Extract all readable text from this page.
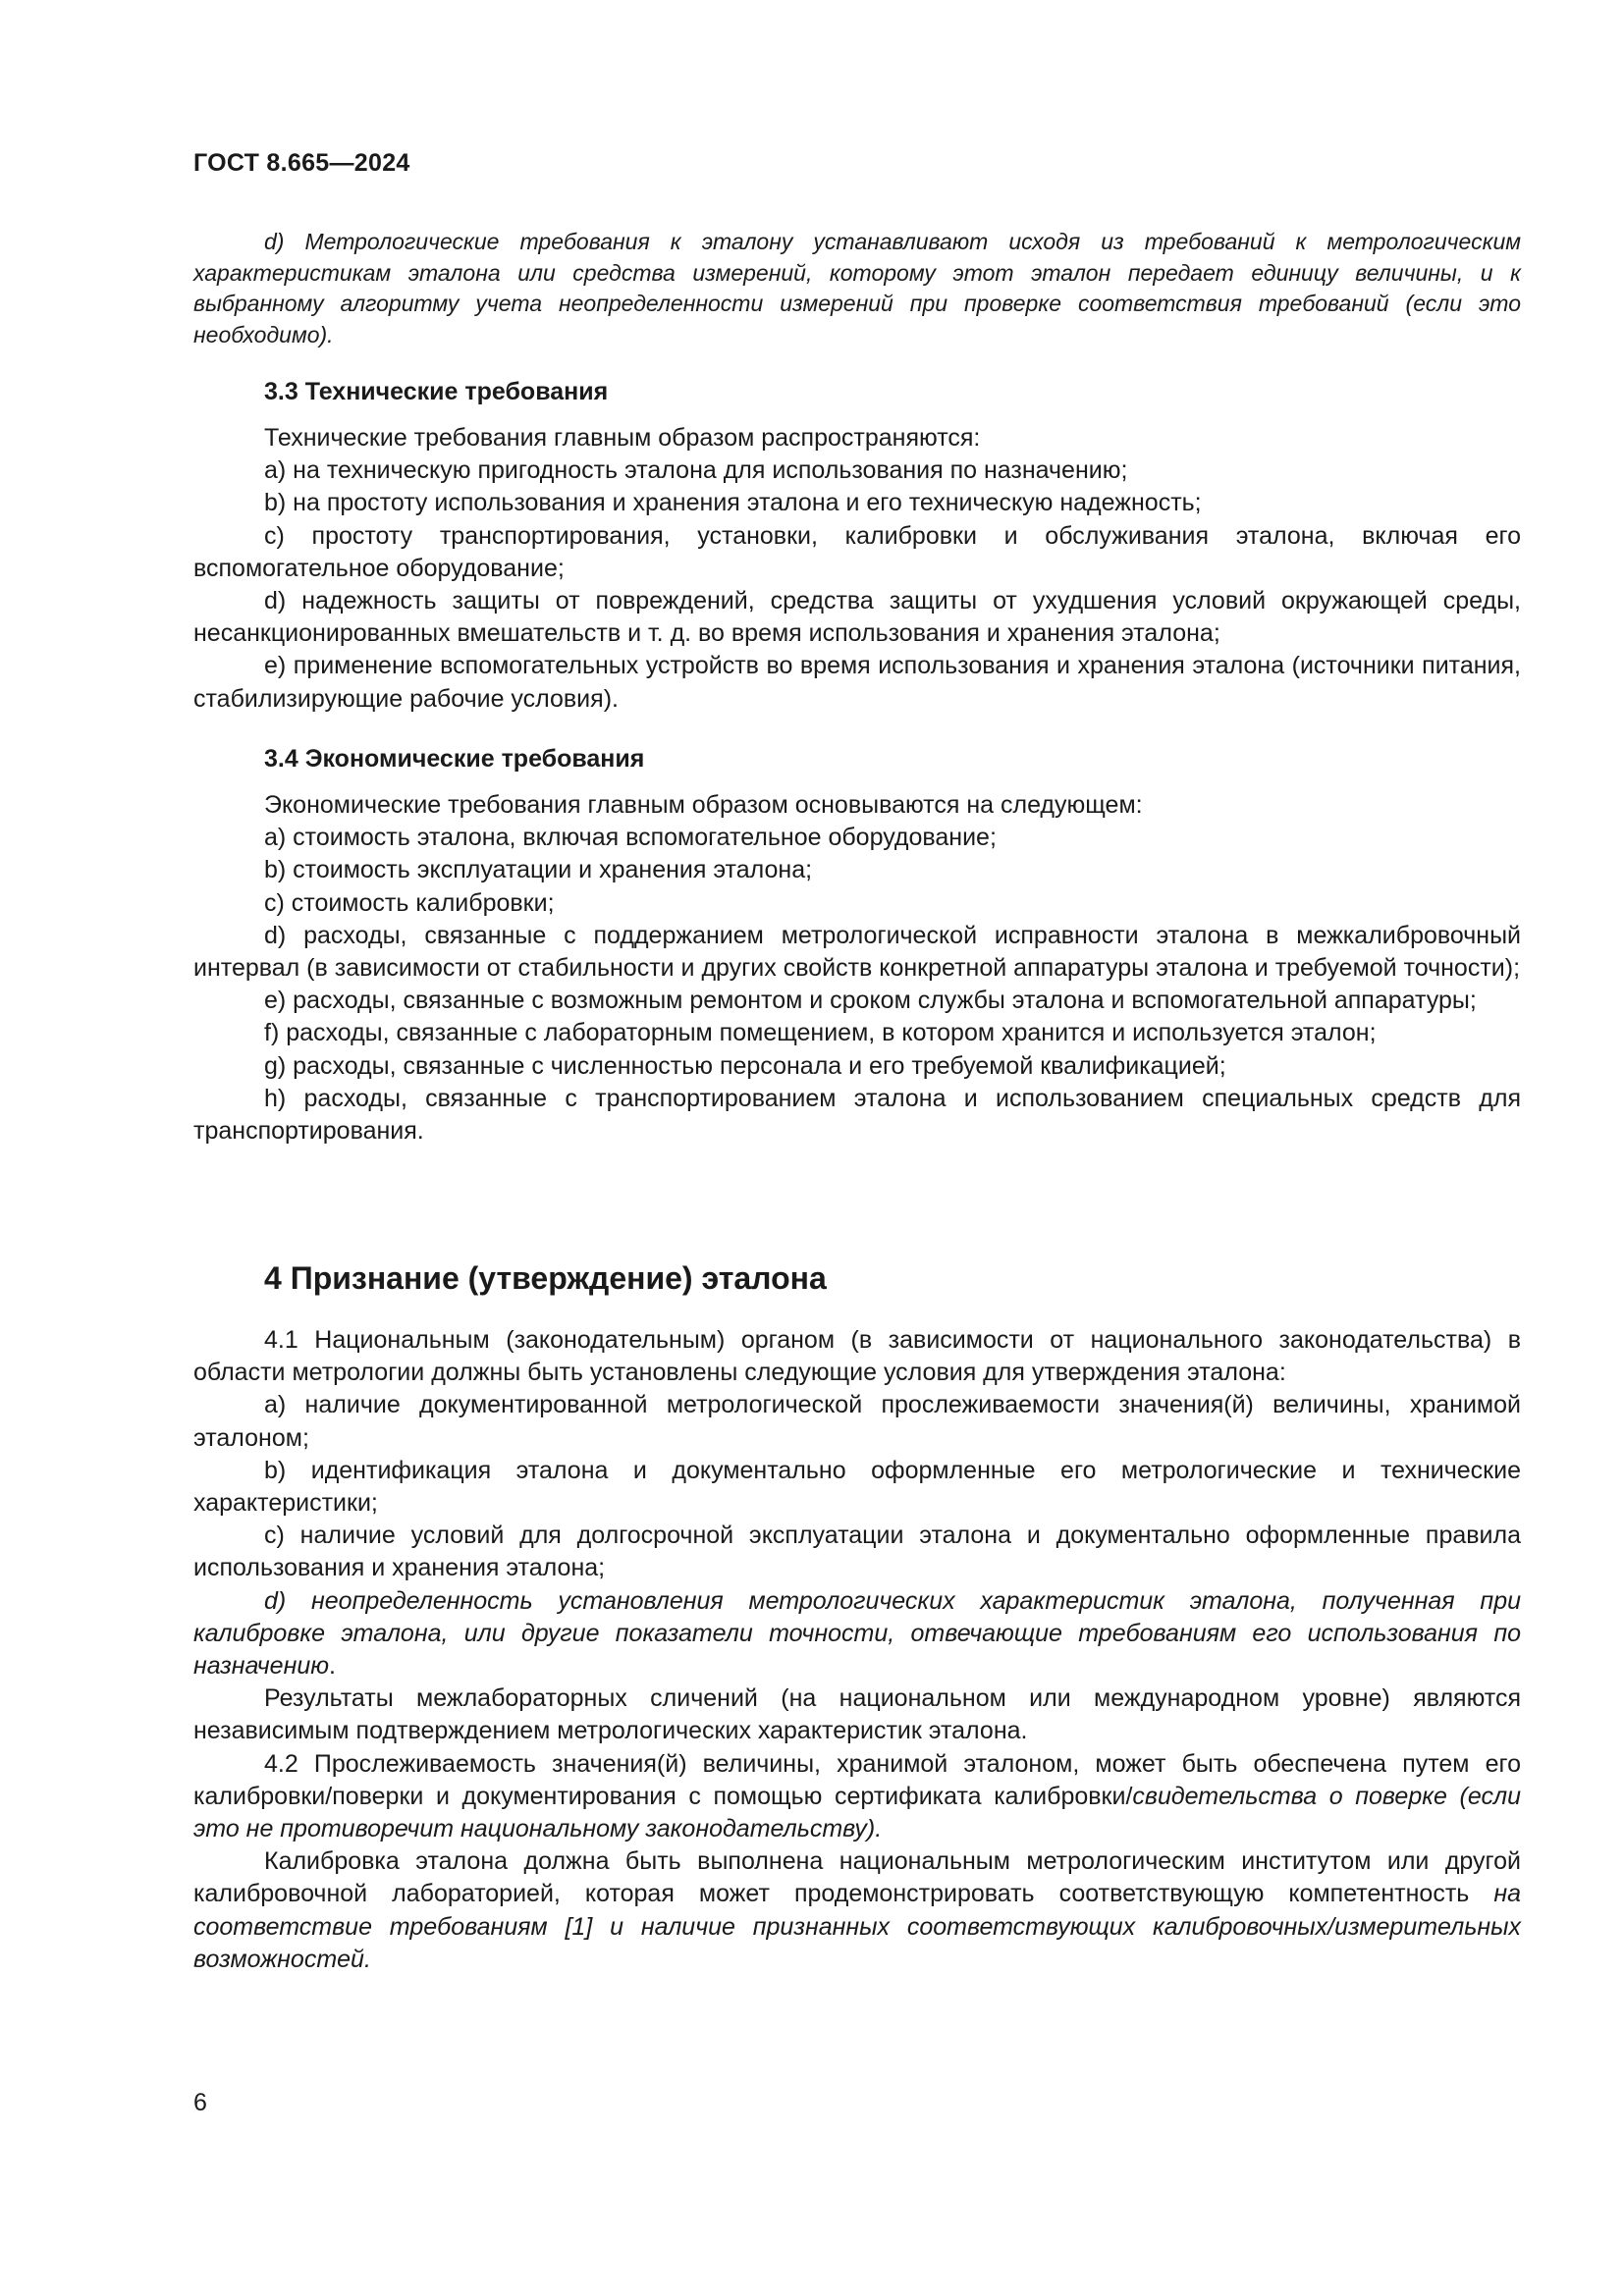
ГОСТ 8.665—2024

d) Метрологические требования к эталону устанавливают исходя из требований к метрологическим характеристикам эталона или средства измерений, которому этот эталон передает единицу величины, и к выбранному алгоритму учета неопределенности измерений при проверке соответствия требований (если это необходимо).

3.3 Технические требования

Технические требования главным образом распространяются:

a) на техническую пригодность эталона для использования по назначению;

b) на простоту использования и хранения эталона и его техническую надежность;

c) простоту транспортирования, установки, калибровки и обслуживания эталона, включая его вспомогательное оборудование;

d) надежность защиты от повреждений, средства защиты от ухудшения условий окружающей среды, несанкционированных вмешательств и т. д. во время использования и хранения эталона;

e) применение вспомогательных устройств во время использования и хранения эталона (источники питания, стабилизирующие рабочие условия).

3.4 Экономические требования

Экономические требования главным образом основываются на следующем:

a) стоимость эталона, включая вспомогательное оборудование;

b) стоимость эксплуатации и хранения эталона;

c) стоимость калибровки;

d) расходы, связанные с поддержанием метрологической исправности эталона в межкалибровочный интервал (в зависимости от стабильности и других свойств конкретной аппаратуры эталона и требуемой точности);

e) расходы, связанные с возможным ремонтом и сроком службы эталона и вспомогательной аппаратуры;

f) расходы, связанные с лабораторным помещением, в котором хранится и используется эталон;

g) расходы, связанные с численностью персонала и его требуемой квалификацией;

h) расходы, связанные с транспортированием эталона и использованием специальных средств для транспортирования.

4 Признание (утверждение) эталона

4.1 Национальным (законодательным) органом (в зависимости от национального законодательства) в области метрологии должны быть установлены следующие условия для утверждения эталона:

a) наличие документированной метрологической прослеживаемости значения(й) величины, хранимой эталоном;

b) идентификация эталона и документально оформленные его метрологические и технические характеристики;

c) наличие условий для долгосрочной эксплуатации эталона и документально оформленные правила использования и хранения эталона;

d) неопределенность установления метрологических характеристик эталона, полученная при калибровке эталона, или другие показатели точности, отвечающие требованиям его использования по назначению.

Результаты межлабораторных сличений (на национальном или международном уровне) являются независимым подтверждением метрологических характеристик эталона.

4.2 Прослеживаемость значения(й) величины, хранимой эталоном, может быть обеспечена путем его калибровки/поверки и документирования с помощью сертификата калибровки/свидетельства о поверке (если это не противоречит национальному законодательству).

Калибровка эталона должна быть выполнена национальным метрологическим институтом или другой калибровочной лабораторией, которая может продемонстрировать соответствующую компетентность на соответствие требованиям [1] и наличие признанных соответствующих калибровочных/измерительных возможностей.

6
